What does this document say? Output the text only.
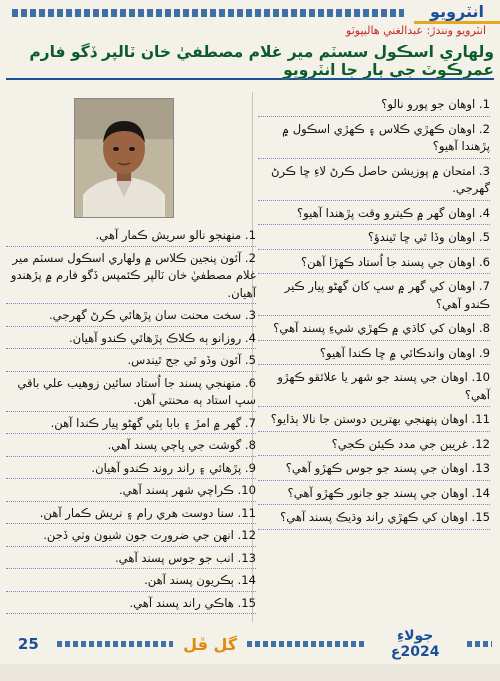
انٽرويو
انٽرويو ونندڙ: عبدالغني هاليپوٽو
ولهاري اسڪول سسٽم مير غلام مصطفيٰ خان ٽالپر ڏگو فارم عمرڪوٽ جي ٻار جا انٽرويو
1. اوهان جو پورو نالو؟
2. اوهان ڪهڙي ڪلاس ۽ ڪهڙي اسڪول ۾ پڙهندا آهيو؟
3. امتحان ۾ پوزيشن حاصل ڪرڻ لاءِ ڇا ڪرڻ گهرجي.
4. اوهان گهر ۾ ڪيترو وقت پڙهندا آهيو؟
5. اوهان وڏا ٿي ڇا ٿيندؤ؟
6. اوهان جي پسند جا اُستاد ڪهڙا آهن؟
7. اوهان کي گهر ۾ سڀ کان گهڻو پيار ڪير ڪندو آهي؟
8. اوهان کي کاڌي ۾ ڪهڙي شيءِ پسند آهي؟
9. اوهان واندڪائي ۾ ڇا ڪندا آهيو؟
10. اوهان جي پسند جو شهر يا علائقو ڪهڙو آهي؟
11. اوهان پنهنجي بهترين دوستن جا نالا ٻڌايو؟
12. غريبن جي مدد ڪيئن ڪجي؟
13. اوهان جي پسند جو جوس ڪهڙو آهي؟
14. اوهان جي پسند جو جانور ڪهڙو آهي؟
15. اوهان کي ڪهڙي راند وڌيڪ پسند آهي؟
1. منهنجو نالو سريش ڪمار آهي.
2. آئون پنجين ڪلاس ۾ ولهاري اسڪول سسٽم مير غلام مصطفيٰ خان ٽالپر ڪئمپس ڏگو فارم ۾ پڙهندو آهيان.
3. سخت محنت سان پڙهائي ڪرڻ گهرجي.
4. روزانو ٻه ڪلاڪ پڙهائي ڪندو آهيان.
5. آئون وڏو ٿي جج ٿيندس.
6. منهنجي پسند جا اُستاد سائين زوهيب علي باقي سڀ استاد ٻه محنتي آهن.
7. گهر ۾ امڙ ۽ بابا ٻئي گهڻو پيار ڪندا آهن.
8. گوشت جي ڀاڄي پسند آهي.
9. پڙهائي ۽ راند روند ڪندو آهيان.
10. ڪراچي شهر پسند آهي.
11. سنا دوست هري رام ۽ نريش ڪمار آهن.
12. انهن جي ضرورت جون شيون وٺي ڏجن.
13. انب جو جوس پسند آهي.
14. ٻڪريون پسند آهن.
15. هاڪي راند پسند آهي.
25	گل ڦل	جولاءِ 2024ع
